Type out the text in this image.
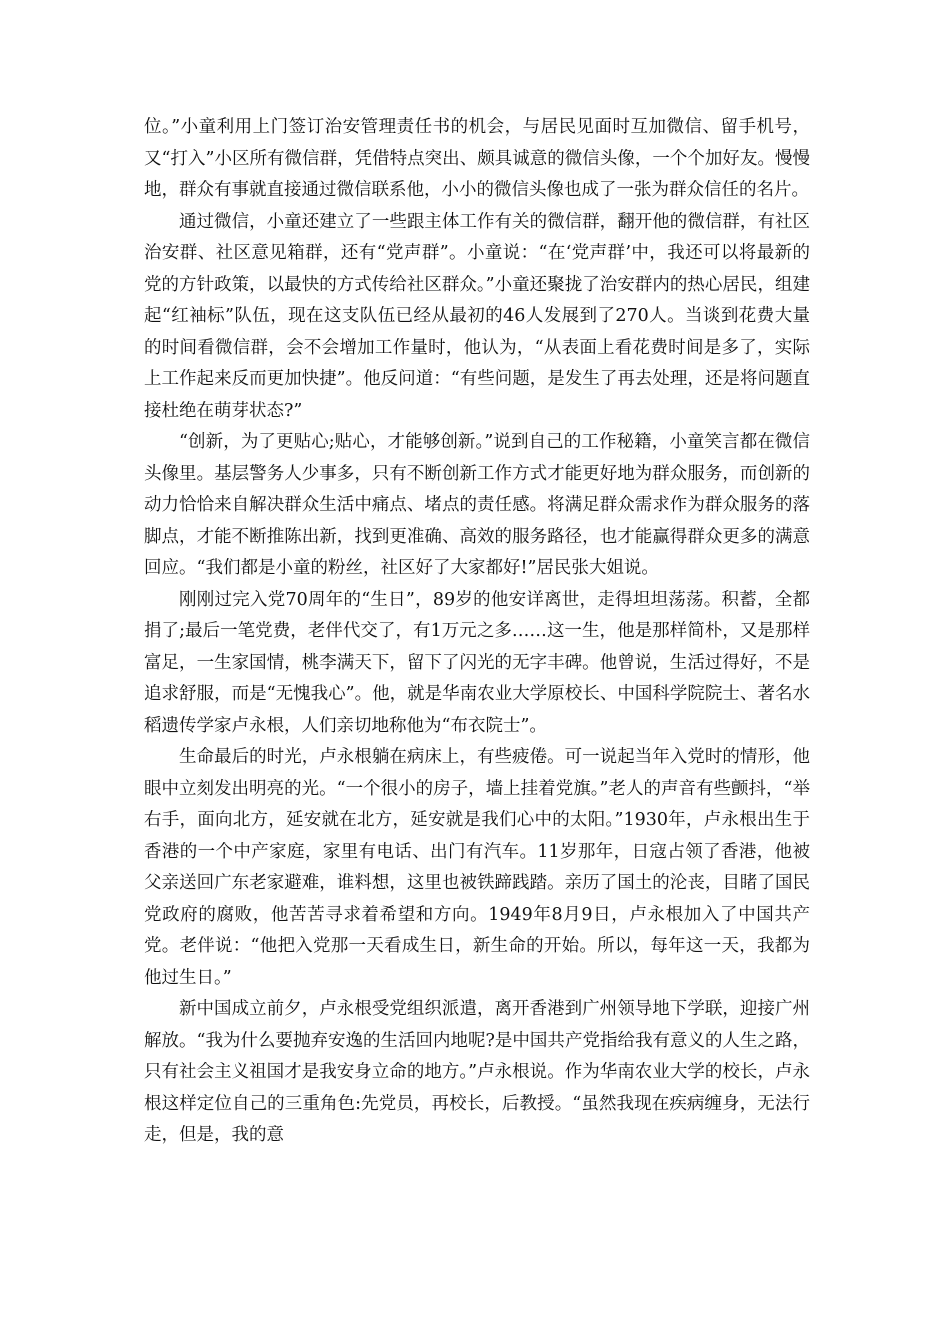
位。”小童利用上门签订治安管理责任书的机会，与居民见面时互加微信、留手机号，又“打入”小区所有微信群，凭借特点突出、颇具诚意的微信头像，一个个加好友。慢慢地，群众有事就直接通过微信联系他，小小的微信头像也成了一张为群众信任的名片。

通过微信，小童还建立了一些跟主体工作有关的微信群，翻开他的微信群，有社区治安群、社区意见箱群，还有“党声群”。小童说：“在‘党声群’中，我还可以将最新的党的方针政策，以最快的方式传给社区群众。”小童还聚拢了治安群内的热心居民，组建起“红袖标”队伍，现在这支队伍已经从最初的46人发展到了270人。当谈到花费大量的时间看微信群，会不会增加工作量时，他认为，“从表面上看花费时间是多了，实际上工作起来反而更加快捷”。他反问道：“有些问题，是发生了再去处理，还是将问题直接杜绝在萌芽状态?”

“创新，为了更贴心;贴心，才能够创新。”说到自己的工作秘籍，小童笑言都在微信头像里。基层警务人少事多，只有不断创新工作方式才能更好地为群众服务，而创新的动力恰恰来自解决群众生活中痛点、堵点的责任感。将满足群众需求作为群众服务的落脚点，才能不断推陈出新，找到更准确、高效的服务路径，也才能赢得群众更多的满意回应。“我们都是小童的粉丝，社区好了大家都好!”居民张大姐说。

刚刚过完入党70周年的“生日”，89岁的他安详离世，走得坦坦荡荡。积蓄，全都捐了;最后一笔党费，老伴代交了，有1万元之多……这一生，他是那样简朴，又是那样富足，一生家国情，桃李满天下，留下了闪光的无字丰碑。他曾说，生活过得好，不是追求舒服，而是“无愧我心”。他，就是华南农业大学原校长、中国科学院院士、著名水稻遗传学家卢永根，人们亲切地称他为“布衣院士”。

生命最后的时光，卢永根躺在病床上，有些疲倦。可一说起当年入党时的情形，他眼中立刻发出明亮的光。“一个很小的房子，墙上挂着党旗。”老人的声音有些颤抖，“举右手，面向北方，延安就在北方，延安就是我们心中的太阳。”1930年，卢永根出生于香港的一个中产家庭，家里有电话、出门有汽车。11岁那年，日寇占领了香港，他被父亲送回广东老家避难，谁料想，这里也被铁蹄践踏。亲历了国土的沦丧，目睹了国民党政府的腐败，他苦苦寻求着希望和方向。1949年8月9日，卢永根加入了中国共产党。老伴说：“他把入党那一天看成生日，新生命的开始。所以，每年这一天，我都为他过生日。”

新中国成立前夕，卢永根受党组织派遣，离开香港到广州领导地下学联，迎接广州解放。“我为什么要抛弃安逸的生活回内地呢?是中国共产党指给我有意义的人生之路，只有社会主义祖国才是我安身立命的地方。”卢永根说。作为华南农业大学的校长，卢永根这样定位自己的三重角色:先党员，再校长，后教授。“虽然我现在疾病缠身，无法行走，但是，我的意
